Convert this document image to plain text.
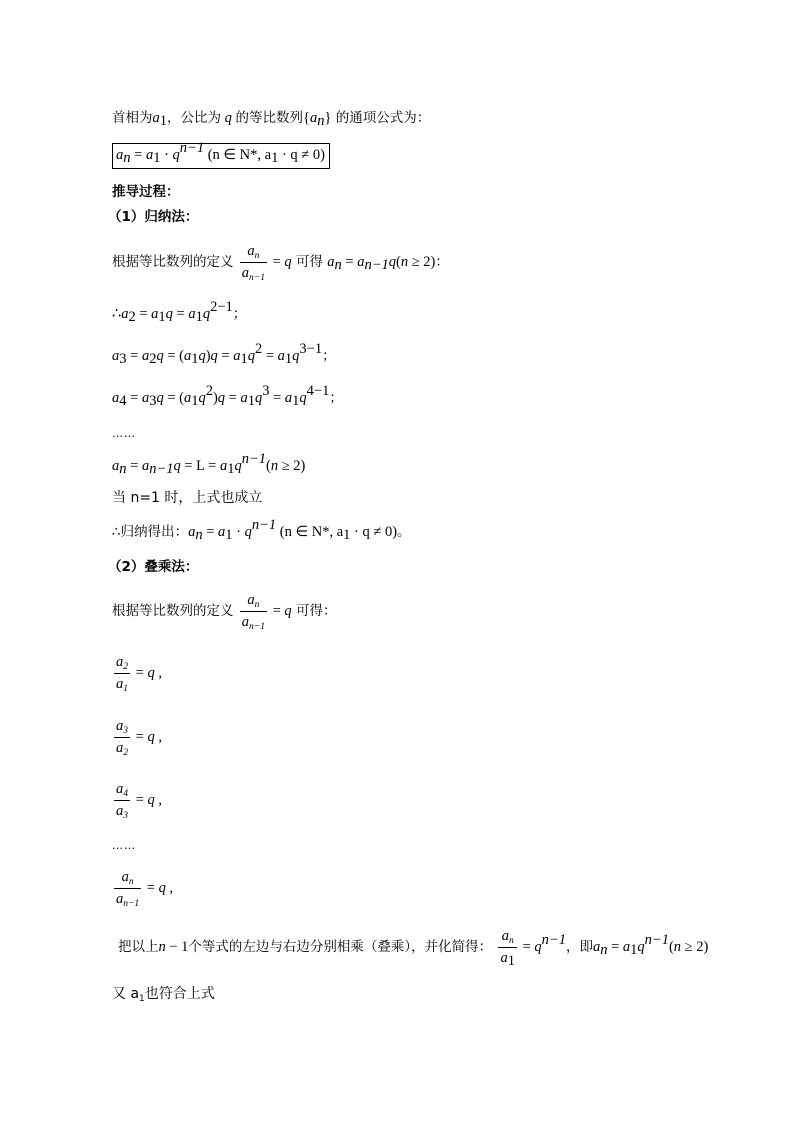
首相为$a_1$，公比为 q 的等比数列$\{a_n\}$ 的通项公式为：
$a_n = a_1 \cdot q^{n-1}$ (n ∈ N*, $a_1 \cdot q \ne 0$)
推导过程：
（1）归纳法：
根据等比数列的定义 $\frac{a_n}{a_{n-1}} = q$ 可得 $a_n = a_{n-1}q(n \ge 2)$：
$\therefore a_2 = a_1q = a_1q^{2-1}$；
$a_3 = a_2q = (a_1q)q = a_1q^2 = a_1q^{3-1}$；
$a_4 = a_3q = (a_1q^2)q = a_1q^3 = a_1q^{4-1}$；
……
$a_n = a_{n-1}q = L = a_1q^{n-1}(n \ge 2)$
当 n=1 时，上式也成立
∴归纳得出：$a_n = a_1 \cdot q^{n-1}$ (n ∈ N*, $a_1 \cdot q \ne 0$)。
（2）叠乘法：
根据等比数列的定义 $\frac{a_n}{a_{n-1}} = q$ 可得：
$\frac{a_2}{a_1} = q$ ,
$\frac{a_3}{a_2} = q$ ,
$\frac{a_4}{a_3} = q$ ,
……
$\frac{a_n}{a_{n-1}} = q$ ,
把以上n − 1个等式的左边与右边分别相乘（叠乘），并化简得： $\frac{a_n}{a_1} = q^{n-1}$，即$a_n = a_1q^{n-1}(n \ge 2)$
又 $a_1$也符合上式
